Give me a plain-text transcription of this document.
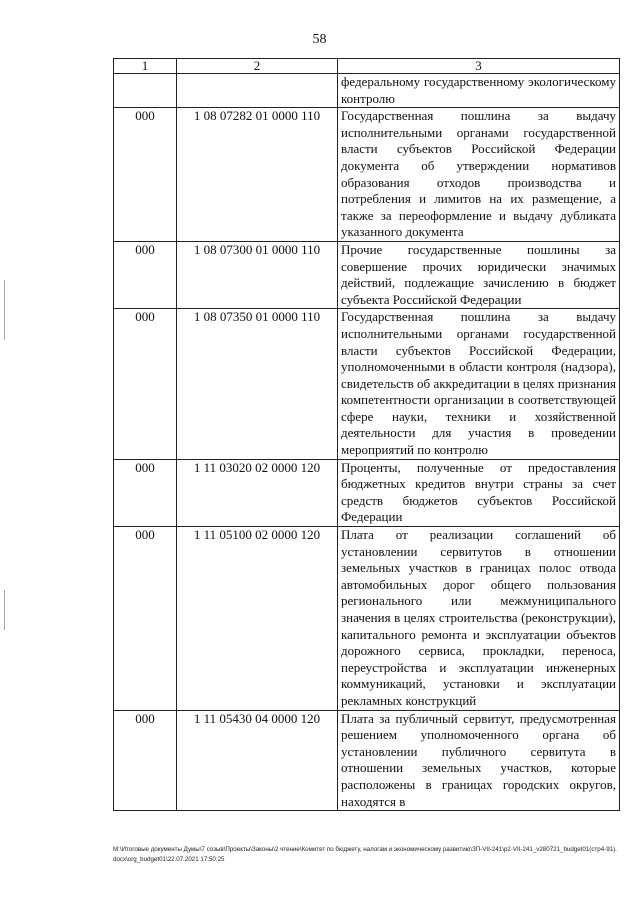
58
1	2	3
		федеральному государственному экологическому контролю
000	1 08 07282 01 0000 110	Государственная пошлина за выдачу исполнительными органами государственной власти субъектов Российской Федерации документа об утверждении нормативов образования отходов производства и потребления и лимитов на их размещение, а также за переоформление и выдачу дубликата указанного документа
000	1 08 07300 01 0000 110	Прочие государственные пошлины за совершение прочих юридически значимых действий, подлежащие зачислению в бюджет субъекта Российской Федерации
000	1 08 07350 01 0000 110	Государственная пошлина за выдачу исполнительными органами государственной власти субъектов Российской Федерации, уполномоченными в области контроля (надзора), свидетельств об аккредитации в целях признания компетентности организации в соответствующей сфере науки, техники и хозяйственной деятельности для участия в проведении мероприятий по контролю
000	1 11 03020 02 0000 120	Проценты, полученные от предоставления бюджетных кредитов внутри страны за счет средств бюджетов субъектов Российской Федерации
000	1 11 05100 02 0000 120	Плата от реализации соглашений об установлении сервитутов в отношении земельных участков в границах полос отвода автомобильных дорог общего пользования регионального или межмуниципального значения в целях строительства (реконструкции), капитального ремонта и эксплуатации объектов дорожного сервиса, прокладки, переноса, переустройства и эксплуатации инженерных коммуникаций, установки и эксплуатации рекламных конструкций
000	1 11 05430 04 0000 120	Плата за публичный сервитут, предусмотренная решением уполномоченного органа об установлении публичного сервитута в отношении земельных участков, которые расположены в границах городских округов, находятся в
M:\Итоговые документы Думы\7 созыв\Проекты\Законы\2 чтение\Комитет по бюджету, налогам и экономическому развитию\ЗП-VII-241\р2-VII-241_v280721_budget01(стр4-91).docx\org_budget01\22.07.2021 17:50:25
